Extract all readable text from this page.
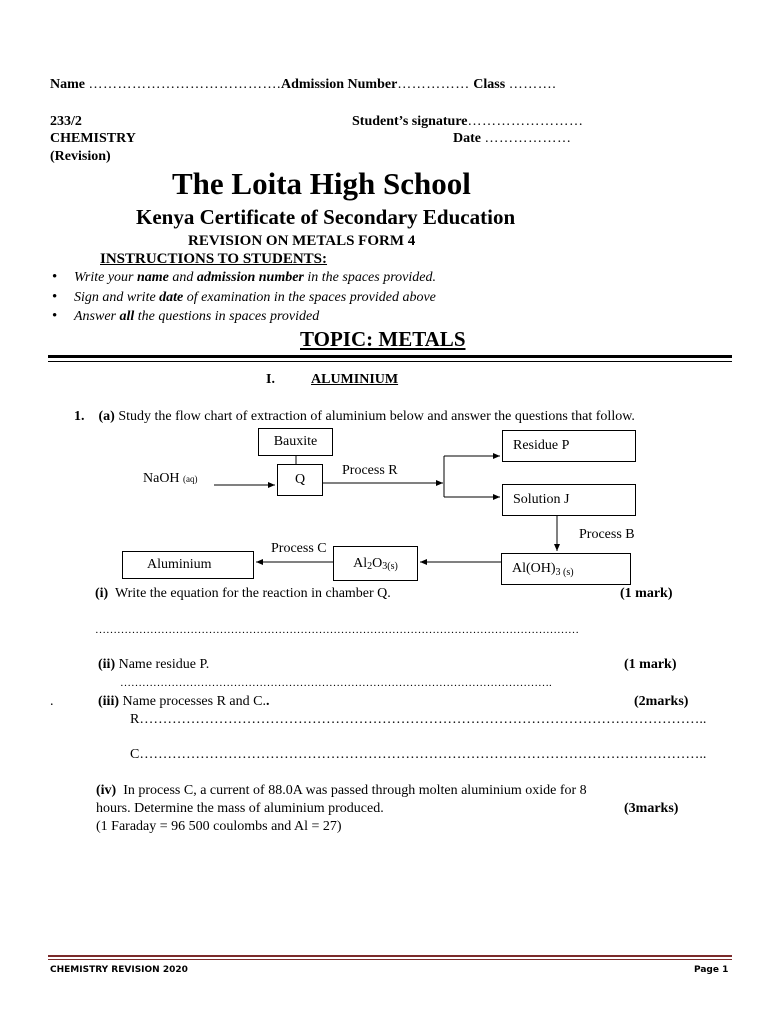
Name ………………………………….Admission Number…………… Class ……….
233/2
CHEMISTRY
(Revision)
Student’s signature……………………
Date ………………
The Loita High School
Kenya Certificate of Secondary Education
REVISION ON METALS FORM 4
INSTRUCTIONS TO STUDENTS:
• Write your name and admission number in the spaces provided.
• Sign and write date of examination in the spaces provided above
• Answer all the questions in spaces provided
TOPIC: METALS
I.	ALUMINIUM
1. (a) Study the flow chart of extraction of aluminium below and answer the questions that follow.
Bauxite
Q
Residue P
Solution J
Al(OH) 3 (s)
Al 2 O 3(s)
Aluminium
NaOH (aq)
Process R
Process B
Process C
(i) Write the equation for the reaction in chamber Q.	(1 mark)
……………………………………………………………………………………………………………………
(ii) Name residue P.	(1 mark)
……………………………………………………………………………………………………….
.	(iii) Name processes R and C..	(2marks)
R…………………………………………………………………………………………………………..
C…………………………………………………………………………………………………………..
(iv) In process C, a current of 88.0A was passed through molten aluminium oxide for 8
hours. Determine the mass of aluminium produced.	(3marks)
(1 Faraday = 96 500 coulombs and Al = 27)
CHEMISTRY REVISION 2020	Page 1
